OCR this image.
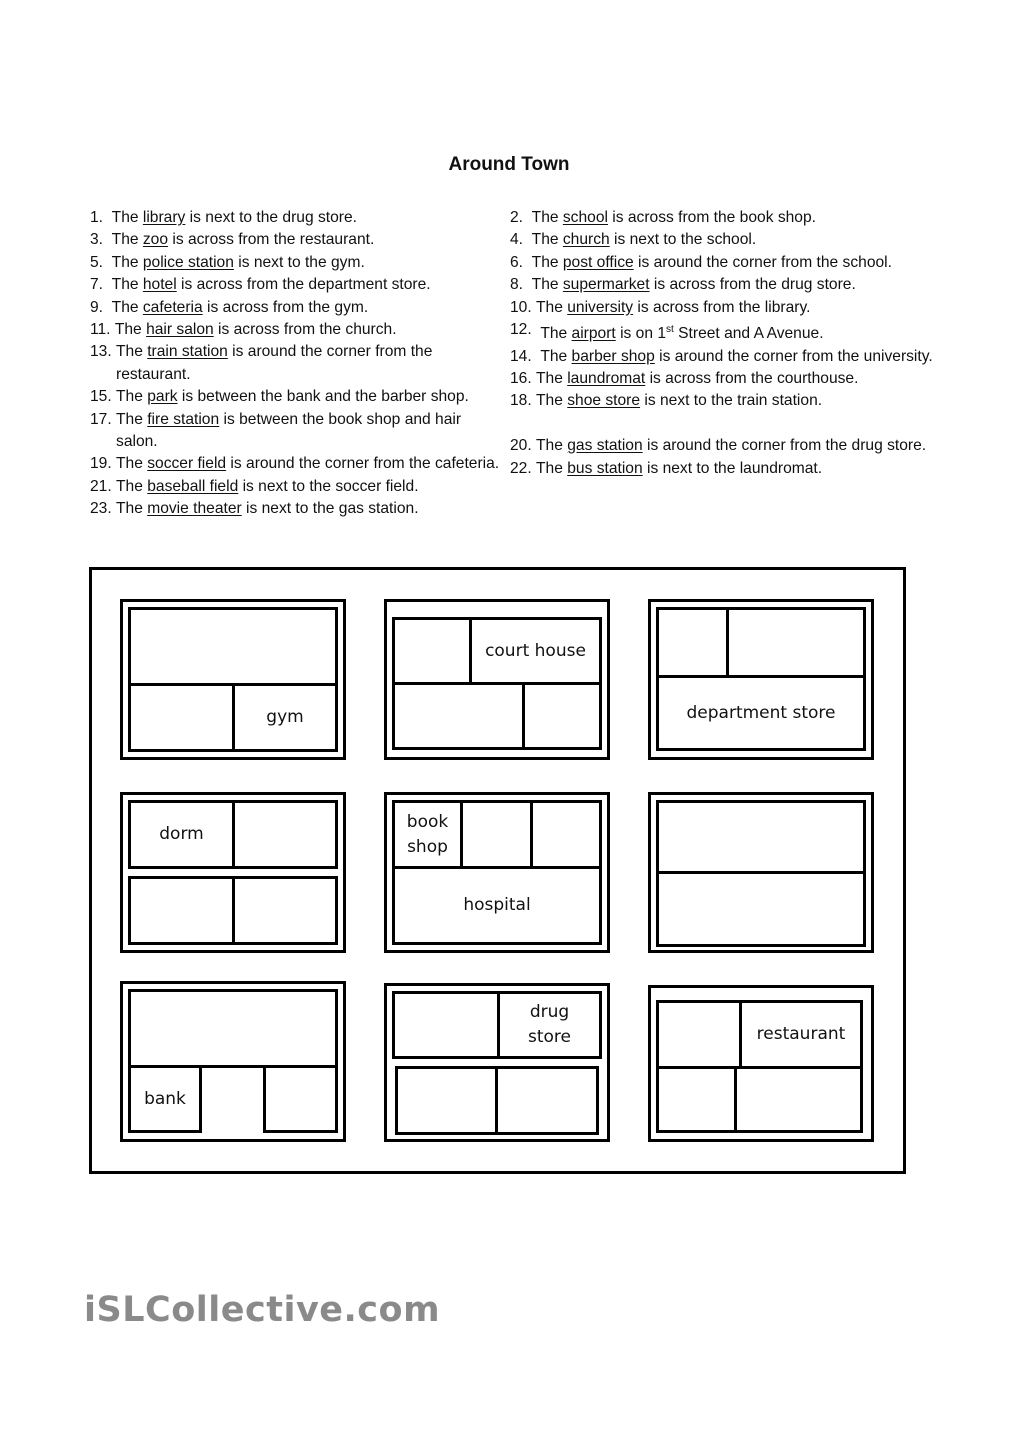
Around Town
1. The library is next to the drug store.
3. The zoo is across from the restaurant.
5. The police station is next to the gym.
7. The hotel is across from the department store.
9. The cafeteria is across from the gym.
11. The hair salon is across from the church.
13. The train station is around the corner from the restaurant.
15. The park is between the bank and the barber shop.
17. The fire station is between the book shop and hair salon.
19. The soccer field is around the corner from the cafeteria.
21. The baseball field is next to the soccer field.
23. The movie theater is next to the gas station.
2. The school is across from the book shop.
4. The church is next to the school.
6. The post office is around the corner from the school.
8. The supermarket is across from the drug store.
10. The university is across from the library.
12. The airport is on 1st Street and A Avenue.
14. The barber shop is around the corner from the university.
16. The laundromat is across from the courthouse.
18. The shoe store is next to the train station.
20. The gas station is around the corner from the drug store.
22. The bus station is next to the laundromat.
gym
court house
department store
dorm
book
shop
hospital
bank
drug
store	restaurant
iSLCollective.com
